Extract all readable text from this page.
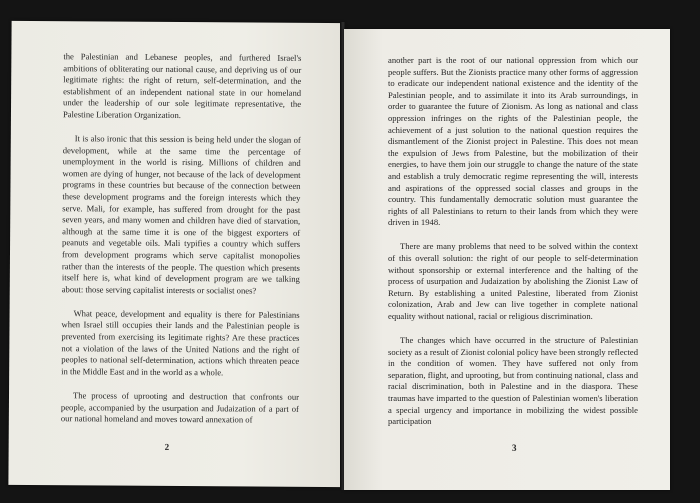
the Palestinian and Lebanese peoples, and furthered Israel's ambitions of obliterating our national cause, and depriving us of our legitimate rights: the right of return, self-determination, and the establishment of an independent national state in our homeland under the leadership of our sole legitimate representative, the Palestine Liberation Organization.

It is also ironic that this session is being held under the slogan of development, while at the same time the percentage of unemployment in the world is rising. Millions of children and women are dying of hunger, not because of the lack of development programs in these countries but because of the connection between these development programs and the foreign interests which they serve. Mali, for example, has suffered from drought for the past seven years, and many women and children have died of starvation, although at the same time it is one of the biggest exporters of peanuts and vegetable oils. Mali typifies a country which suffers from development programs which serve capitalist monopolies rather than the interests of the people. The question which presents itself here is, what kind of development program are we talking about: those serving capitalist interests or socialist ones?

What peace, development and equality is there for Palestinians when Israel still occupies their lands and the Palestinian people is prevented from exercising its legitimate rights? Are these practices not a violation of the laws of the United Nations and the right of peoples to national self-determination, actions which threaten peace in the Middle East and in the world as a whole.

The process of uprooting and destruction that confronts our people, accompanied by the usurpation and Judaization of a part of our national homeland and moves toward annexation of

2

another part is the root of our national oppression from which our people suffers. But the Zionists practice many other forms of aggression to eradicate our independent national existence and the identity of the Palestinian people, and to assimilate it into its Arab surroundings, in order to guarantee the future of Zionism. As long as national and class oppression infringes on the rights of the Palestinian people, the achievement of a just solution to the national question requires the dismantlement of the Zionist project in Palestine. This does not mean the expulsion of Jews from Palestine, but the mobilization of their energies, to have them join our struggle to change the nature of the state and establish a truly democratic regime representing the will, interests and aspirations of the oppressed social classes and groups in the country. This fundamentally democratic solution must guarantee the rights of all Palestinians to return to their lands from which they were driven in 1948.

There are many problems that need to be solved within the context of this overall solution: the right of our people to self-determination without sponsorship or external interference and the halting of the process of usurpation and Judaization by abolishing the Zionist Law of Return. By establishing a united Palestine, liberated from Zionist colonization, Arab and Jew can live together in complete national equality without national, racial or religious discrimination.

The changes which have occurred in the structure of Palestinian society as a result of Zionist colonial policy have been strongly reflected in the condition of women. They have suffered not only from separation, flight, and uprooting, but from continuing national, class and racial discrimination, both in Palestine and in the diaspora. These traumas have imparted to the question of Palestinian women's liberation a special urgency and importance in mobilizing the widest possible participation

3
